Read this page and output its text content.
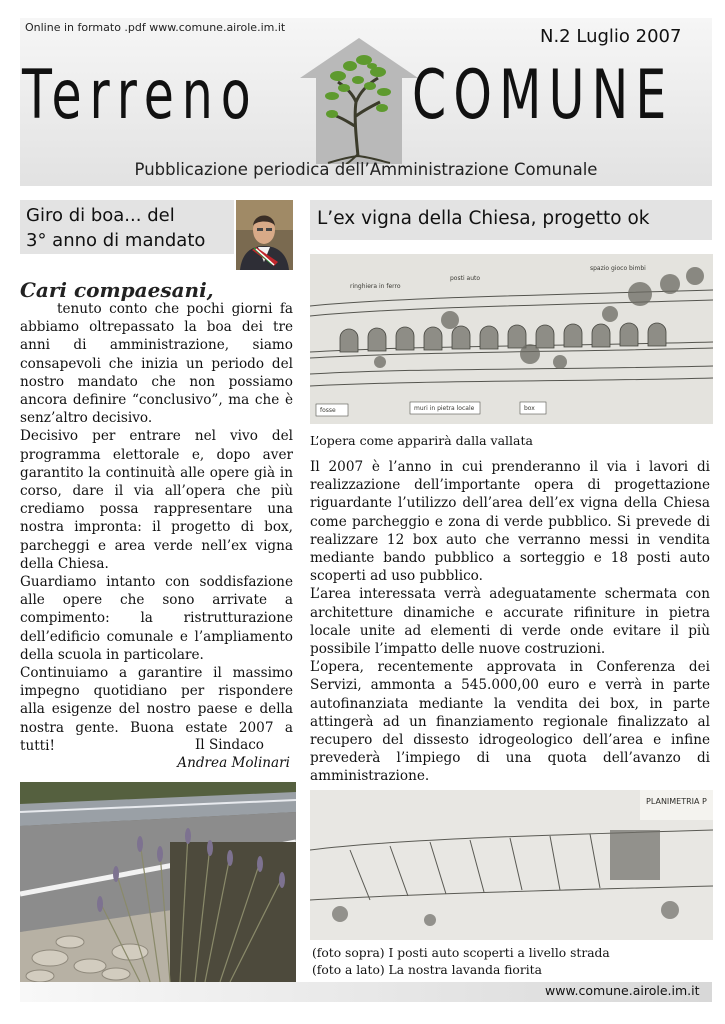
Online in formato .pdf www.comune.airole.im.it	N.2 Luglio 2007
Terreno COMUNE
Pubblicazione periodica dell’Amministrazione Comunale
Giro di boa... del
3° anno di mandato
L’ex vigna della Chiesa, progetto ok
Cari compaesani,

tenuto conto che pochi giorni fa abbiamo oltrepassato la boa dei tre anni di amministrazione, siamo consapevoli che inizia un periodo del nostro mandato che non possiamo ancora definire “conclusivo”, ma che è senz’altro decisivo.

Decisivo per entrare nel vivo del programma elettorale e, dopo aver garantito la continuità alle opere già in corso, dare il via all’opera che più crediamo possa rappresentare una nostra impronta: il progetto di box, parcheggi e area verde nell’ex vigna della Chiesa.

Guardiamo intanto con soddisfazione alle opere che sono arrivate a compimento: la ristrutturazione dell’edificio comunale e l’ampliamento della scuola in particolare.

Continuiamo a garantire il massimo impegno quotidiano per rispondere alla esigenze del nostro paese e della nostra gente. Buona estate 2007 a tutti!	Il Sindaco
Andrea Molinari
ringhiera in ferro
posti auto
spazio gioco bimbi
fosse	muri in pietra locale	box
L’opera come apparirà dalla vallata

Il 2007 è l’anno in cui prenderanno il via i lavori di realizzazione dell’importante opera di progettazione riguardante l’utilizzo dell’area dell’ex vigna della Chiesa come parcheggio e zona di verde pubblico. Si prevede di realizzare 12 box auto che verranno messi in vendita mediante bando pubblico a sorteggio e 18 posti auto scoperti ad uso pubblico.

L’area interessata verrà adeguatamente schermata con architetture dinamiche e accurate rifiniture in pietra locale unite ad elementi di verde onde evitare il più possibile l’impatto delle nuove costruzioni.

L’opera, recentemente approvata in Conferenza dei Servizi, ammonta a 545.000,00 euro e verrà in parte autofinanziata mediante la vendita dei box, in parte attingerà ad un finanziamento regionale finalizzato al recupero del dissesto idrogeologico dell’area e infine prevederà l’impiego di una quota dell’avanzo di amministrazione.

PLANIMETRIA P
(foto sopra) I posti auto scoperti a livello strada
(foto a lato) La nostra lavanda fiorita
www.comune.airole.im.it
